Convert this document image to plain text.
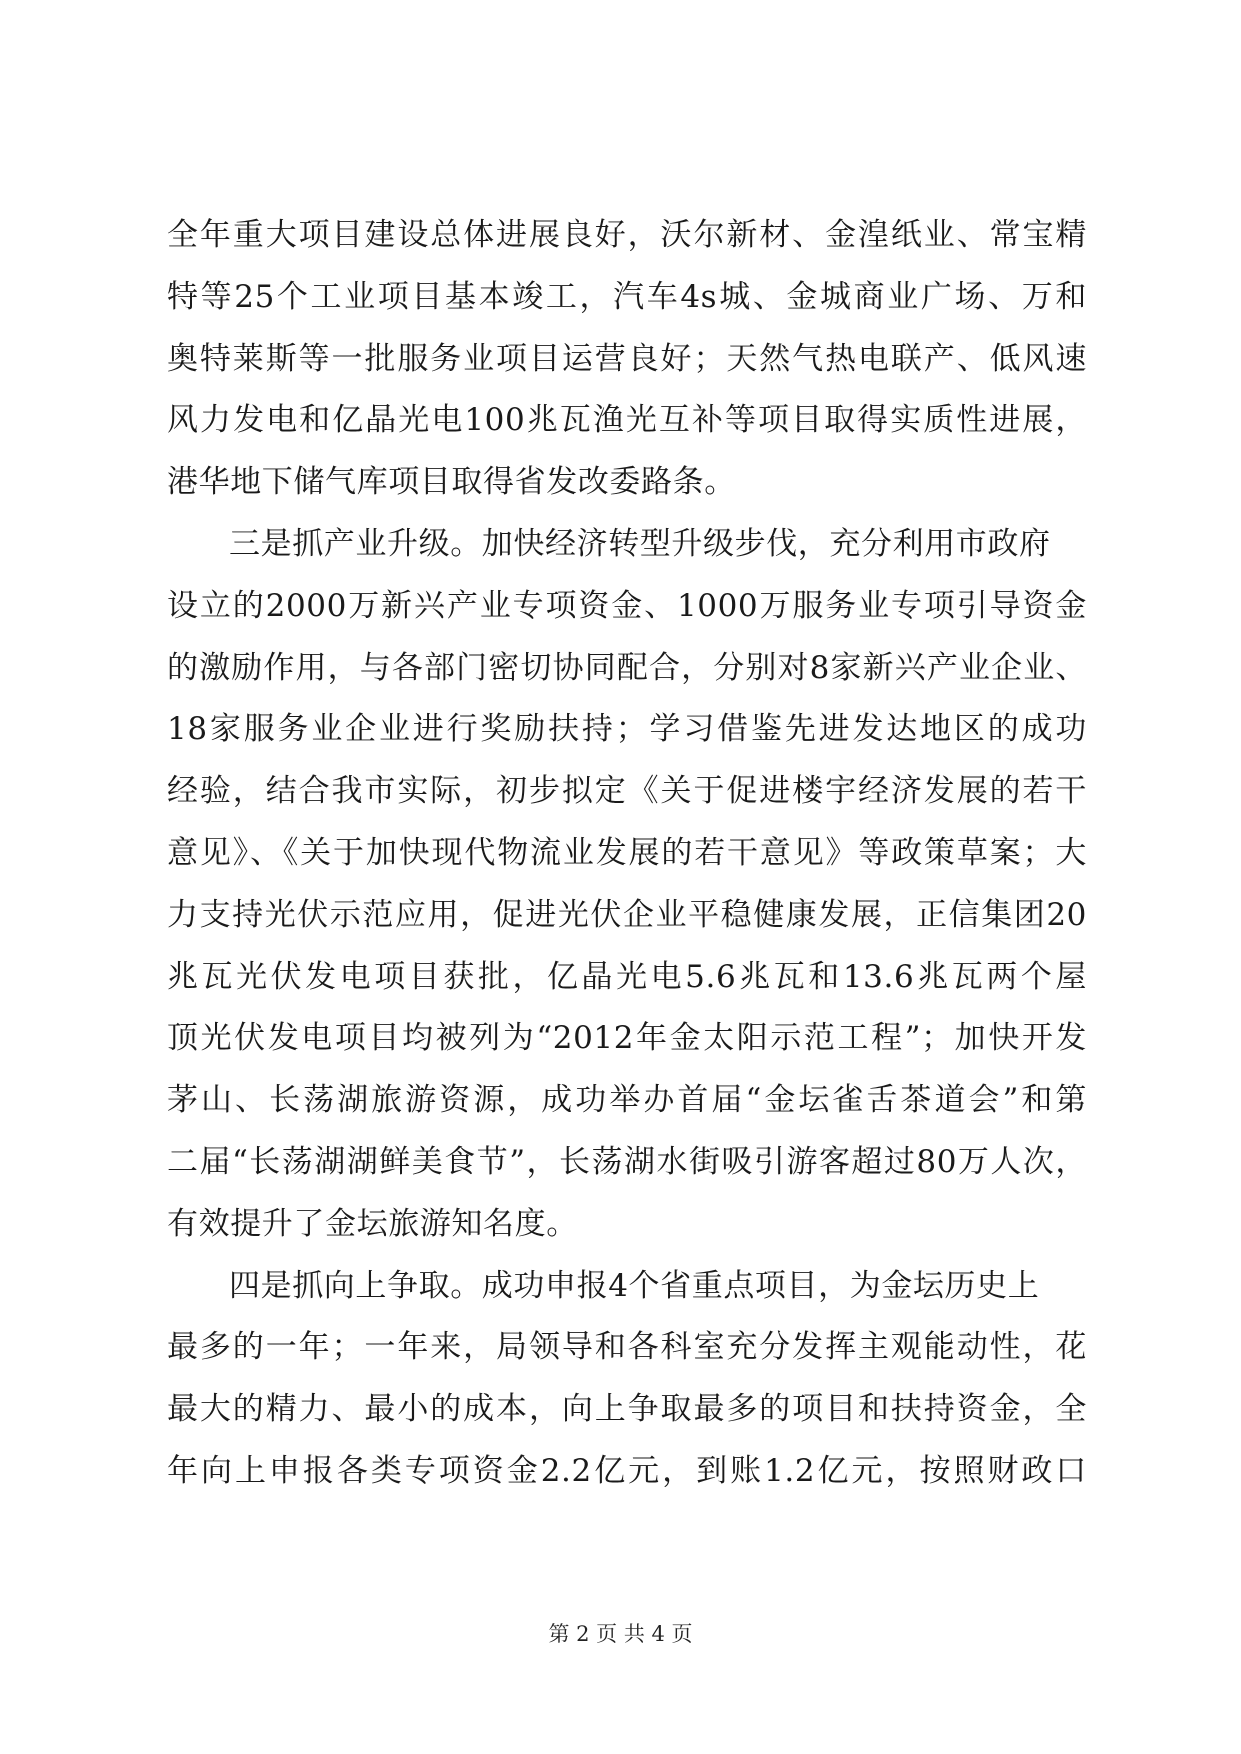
全年重大项目建设总体进展良好，沃尔新材、金湟纸业、常宝精
特等25个工业项目基本竣工，汽车4s城、金城商业广场、万和
奥特莱斯等一批服务业项目运营良好；天然气热电联产、低风速
风力发电和亿晶光电100兆瓦渔光互补等项目取得实质性进展，
港华地下储气库项目取得省发改委路条。
三是抓产业升级。加快经济转型升级步伐，充分利用市政府
设立的2000万新兴产业专项资金、1000万服务业专项引导资金
的激励作用，与各部门密切协同配合，分别对8家新兴产业企业、
18家服务业企业进行奖励扶持；学习借鉴先进发达地区的成功
经验，结合我市实际，初步拟定《关于促进楼宇经济发展的若干
意见》、《关于加快现代物流业发展的若干意见》等政策草案；大
力支持光伏示范应用，促进光伏企业平稳健康发展，正信集团20
兆瓦光伏发电项目获批，亿晶光电5.6兆瓦和13.6兆瓦两个屋
顶光伏发电项目均被列为“2012年金太阳示范工程”；加快开发
茅山、长荡湖旅游资源，成功举办首届“金坛雀舌茶道会”和第
二届“长荡湖湖鲜美食节”，长荡湖水街吸引游客超过80万人次，
有效提升了金坛旅游知名度。
四是抓向上争取。成功申报4个省重点项目，为金坛历史上
最多的一年；一年来，局领导和各科室充分发挥主观能动性，花
最大的精力、最小的成本，向上争取最多的项目和扶持资金，全
年向上申报各类专项资金2.2亿元，到账1.2亿元，按照财政口
第 2 页 共 4 页
